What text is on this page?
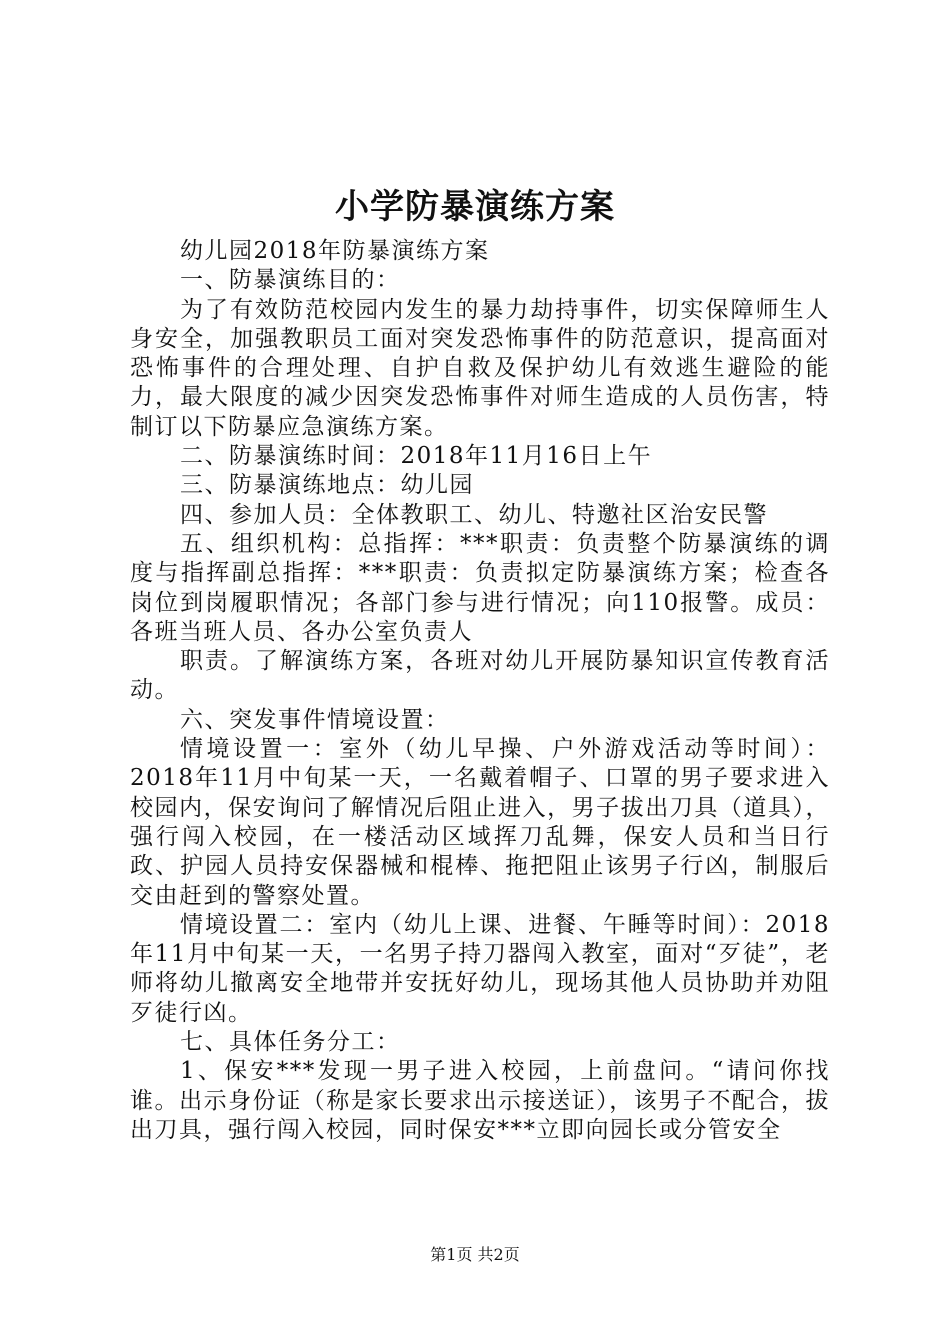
小学防暴演练方案

幼儿园2018年防暴演练方案

一、防暴演练目的：

为了有效防范校园内发生的暴力劫持事件，切实保障师生人身安全，加强教职员工面对突发恐怖事件的防范意识，提高面对恐怖事件的合理处理、自护自救及保护幼儿有效逃生避险的能力，最大限度的减少因突发恐怖事件对师生造成的人员伤害，特制订以下防暴应急演练方案。

二、防暴演练时间：2018年11月16日上午

三、防暴演练地点：幼儿园

四、参加人员：全体教职工、幼儿、特邀社区治安民警

五、组织机构：总指挥：***职责：负责整个防暴演练的调度与指挥副总指挥：***职责：负责拟定防暴演练方案；检查各岗位到岗履职情况；各部门参与进行情况；向110报警。成员：各班当班人员、各办公室负责人

职责。了解演练方案，各班对幼儿开展防暴知识宣传教育活动。

六、突发事件情境设置：

情境设置一：室外（幼儿早操、户外游戏活动等时间）：2018年11月中旬某一天，一名戴着帽子、口罩的男子要求进入校园内，保安询问了解情况后阻止进入，男子拔出刀具（道具），强行闯入校园，在一楼活动区域挥刀乱舞，保安人员和当日行政、护园人员持安保器械和棍棒、拖把阻止该男子行凶，制服后交由赶到的警察处置。

情境设置二：室内（幼儿上课、进餐、午睡等时间）：2018年11月中旬某一天，一名男子持刀器闯入教室，面对“歹徒”，老师将幼儿撤离安全地带并安抚好幼儿，现场其他人员协助并劝阻歹徒行凶。

七、具体任务分工：

1、保安***发现一男子进入校园，上前盘问。“请问你找谁。出示身份证（称是家长要求出示接送证），该男子不配合，拔出刀具，强行闯入校园，同时保安***立即向园长或分管安全

第1页 共2页
